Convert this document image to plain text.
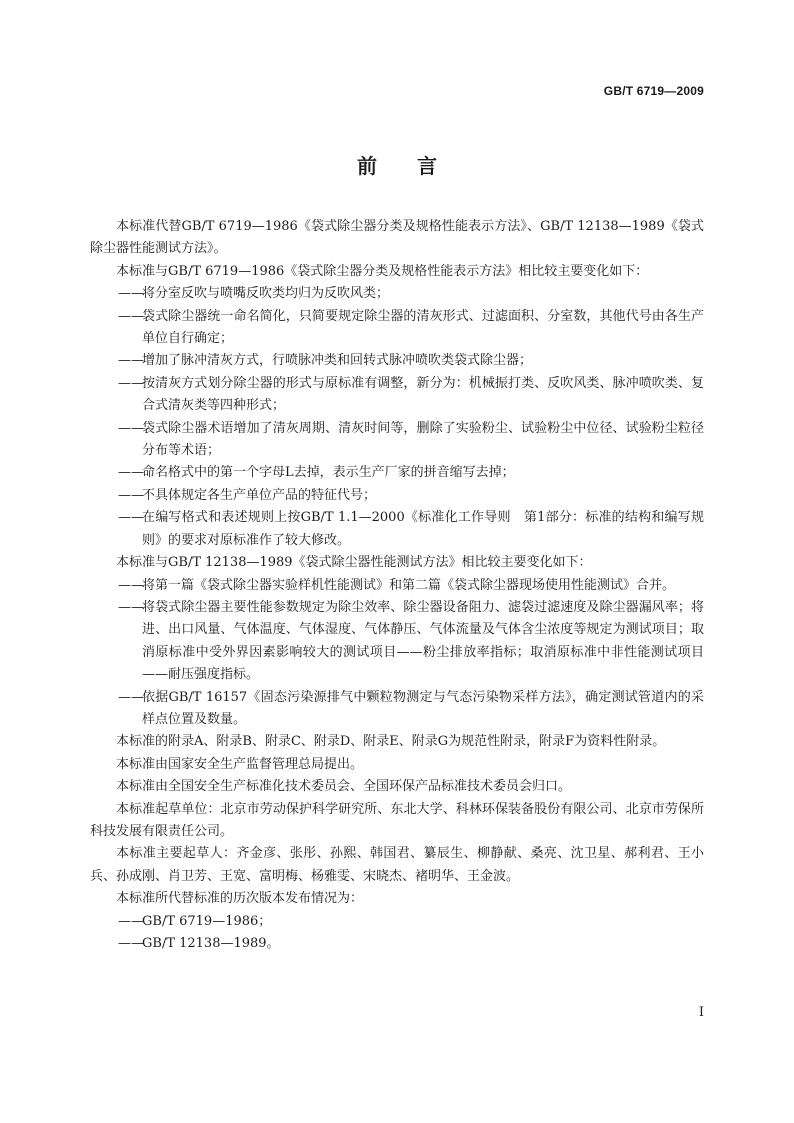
GB/T 6719—2009
前 言

本标准代替GB/T 6719—1986《袋式除尘器分类及规格性能表示方法》、GB/T 12138—1989《袋式除尘器性能测试方法》。

本标准与GB/T 6719—1986《袋式除尘器分类及规格性能表示方法》相比较主要变化如下：

——
将分室反吹与喷嘴反吹类均归为反吹风类；

——
袋式除尘器统一命名简化，只简要规定除尘器的清灰形式、过滤面积、分室数，其他代号由各生产单位自行确定；

——
增加了脉冲清灰方式，行喷脉冲类和回转式脉冲喷吹类袋式除尘器；

——
按清灰方式划分除尘器的形式与原标准有调整，新分为：机械振打类、反吹风类、脉冲喷吹类、复合式清灰类等四种形式；

——
袋式除尘器术语增加了清灰周期、清灰时间等，删除了实验粉尘、试验粉尘中位径、试验粉尘粒径分布等术语；

——
命名格式中的第一个字母L去掉，表示生产厂家的拼音缩写去掉；

——
不具体规定各生产单位产品的特征代号；

——
在编写格式和表述规则上按GB/T 1.1—2000《标准化工作导则　第1部分：标准的结构和编写规则》的要求对原标准作了较大修改。

本标准与GB/T 12138—1989《袋式除尘器性能测试方法》相比较主要变化如下：

——
将第一篇《袋式除尘器实验样机性能测试》和第二篇《袋式除尘器现场使用性能测试》合并。

——
将袋式除尘器主要性能参数规定为除尘效率、除尘器设备阻力、滤袋过滤速度及除尘器漏风率；将进、出口风量、气体温度、气体湿度、气体静压、气体流量及气体含尘浓度等规定为测试项目；取消原标准中受外界因素影响较大的测试项目——粉尘排放率指标；取消原标准中非性能测试项目——耐压强度指标。

——
依据GB/T 16157《固态污染源排气中颗粒物测定与气态污染物采样方法》，确定测试管道内的采样点位置及数量。

本标准的附录A、附录B、附录C、附录D、附录E、附录G为规范性附录，附录F为资料性附录。

本标准由国家安全生产监督管理总局提出。

本标准由全国安全生产标准化技术委员会、全国环保产品标准技术委员会归口。

本标准起草单位：北京市劳动保护科学研究所、东北大学、科林环保装备股份有限公司、北京市劳保所科技发展有限责任公司。

本标准主要起草人：齐金彦、张彤、孙熙、韩国君、纂辰生、柳静献、桑亮、沈卫星、郝利君、王小兵、孙成刚、肖卫芳、王宽、富明梅、杨雅雯、宋晓杰、褚明华、王金波。

本标准所代替标准的历次版本发布情况为：

——
GB/T 6719—1986；

——
GB/T 12138—1989。

I
